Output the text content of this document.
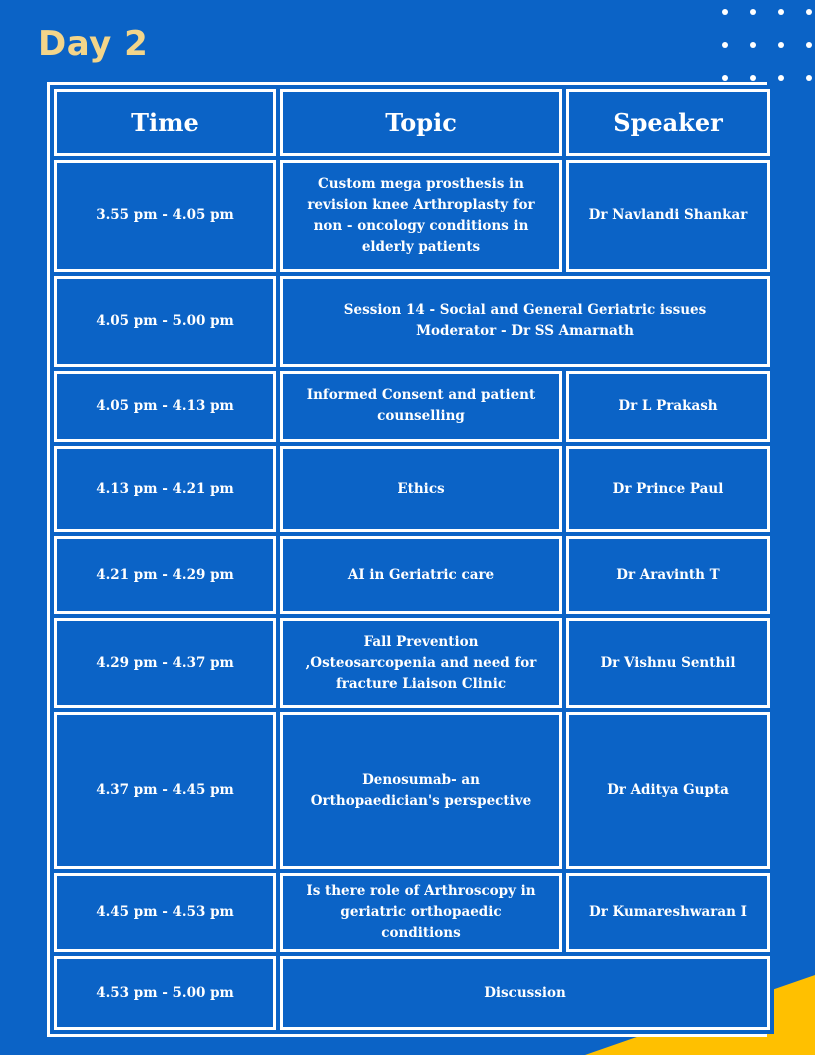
Day 2
Time	Topic	Speaker
3.55 pm - 4.05 pm	Custom mega prosthesis in revision knee Arthroplasty for non - oncology conditions in elderly patients	Dr Navlandi Shankar
4.05 pm - 5.00 pm	Session 14 - Social and General Geriatric issues
Moderator - Dr SS Amarnath	

4.05 pm - 4.13 pm	Informed Consent and patient counselling	Dr L Prakash
4.13 pm - 4.21 pm	Ethics	Dr Prince Paul
4.21 pm - 4.29 pm	AI in Geriatric care	Dr Aravinth T
4.29 pm - 4.37 pm	Fall Prevention ,Osteosarcopenia and need for fracture Liaison Clinic	Dr Vishnu Senthil
4.37 pm - 4.45 pm	Denosumab- an Orthopaedician's perspective	Dr Aditya Gupta
4.45 pm - 4.53 pm	Is there role of Arthroscopy in geriatric orthopaedic conditions	Dr Kumareshwaran I
4.53 pm - 5.00 pm	Discussion	
